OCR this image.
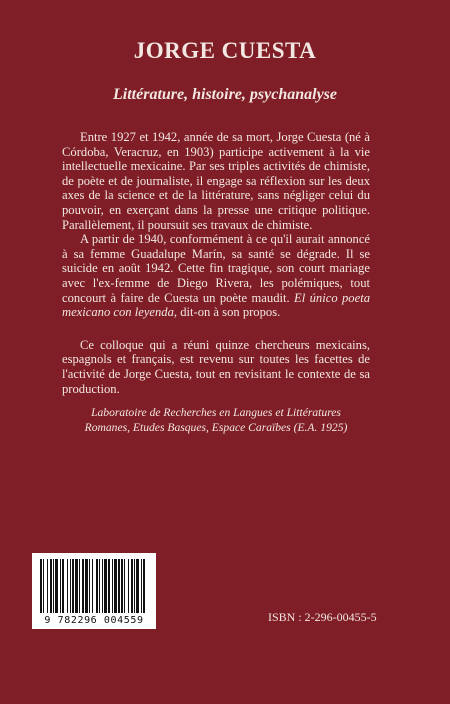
JORGE CUESTA
Littérature, histoire, psychanalyse

Entre 1927 et 1942, année de sa mort, Jorge Cuesta (né à Córdoba, Veracruz, en 1903) participe activement à la vie intellectuelle mexicaine. Par ses triples activités de chimiste, de poète et de journaliste, il engage sa réflexion sur les deux axes de la science et de la littérature, sans négliger celui du pouvoir, en exerçant dans la presse une critique politique. Parallèlement, il poursuit ses travaux de chimiste.

A partir de 1940, conformément à ce qu'il aurait annoncé à sa femme Guadalupe Marín, sa santé se dégrade. Il se suicide en août 1942. Cette fin tragique, son court mariage avec l'ex-femme de Diego Rivera, les polémiques, tout concourt à faire de Cuesta un poète maudit. El único poeta mexicano con leyenda, dit-on à son propos.

Ce colloque qui a réuni quinze chercheurs mexicains, espagnols et français, est revenu sur toutes les facettes de l'activité de Jorge Cuesta, tout en revisitant le contexte de sa production.

Laboratoire de Recherches en Langues et Littératures
Romanes, Etudes Basques, Espace Caraïbes (E.A. 1925)
9 782296 004559	ISBN : 2-296-00455-5
